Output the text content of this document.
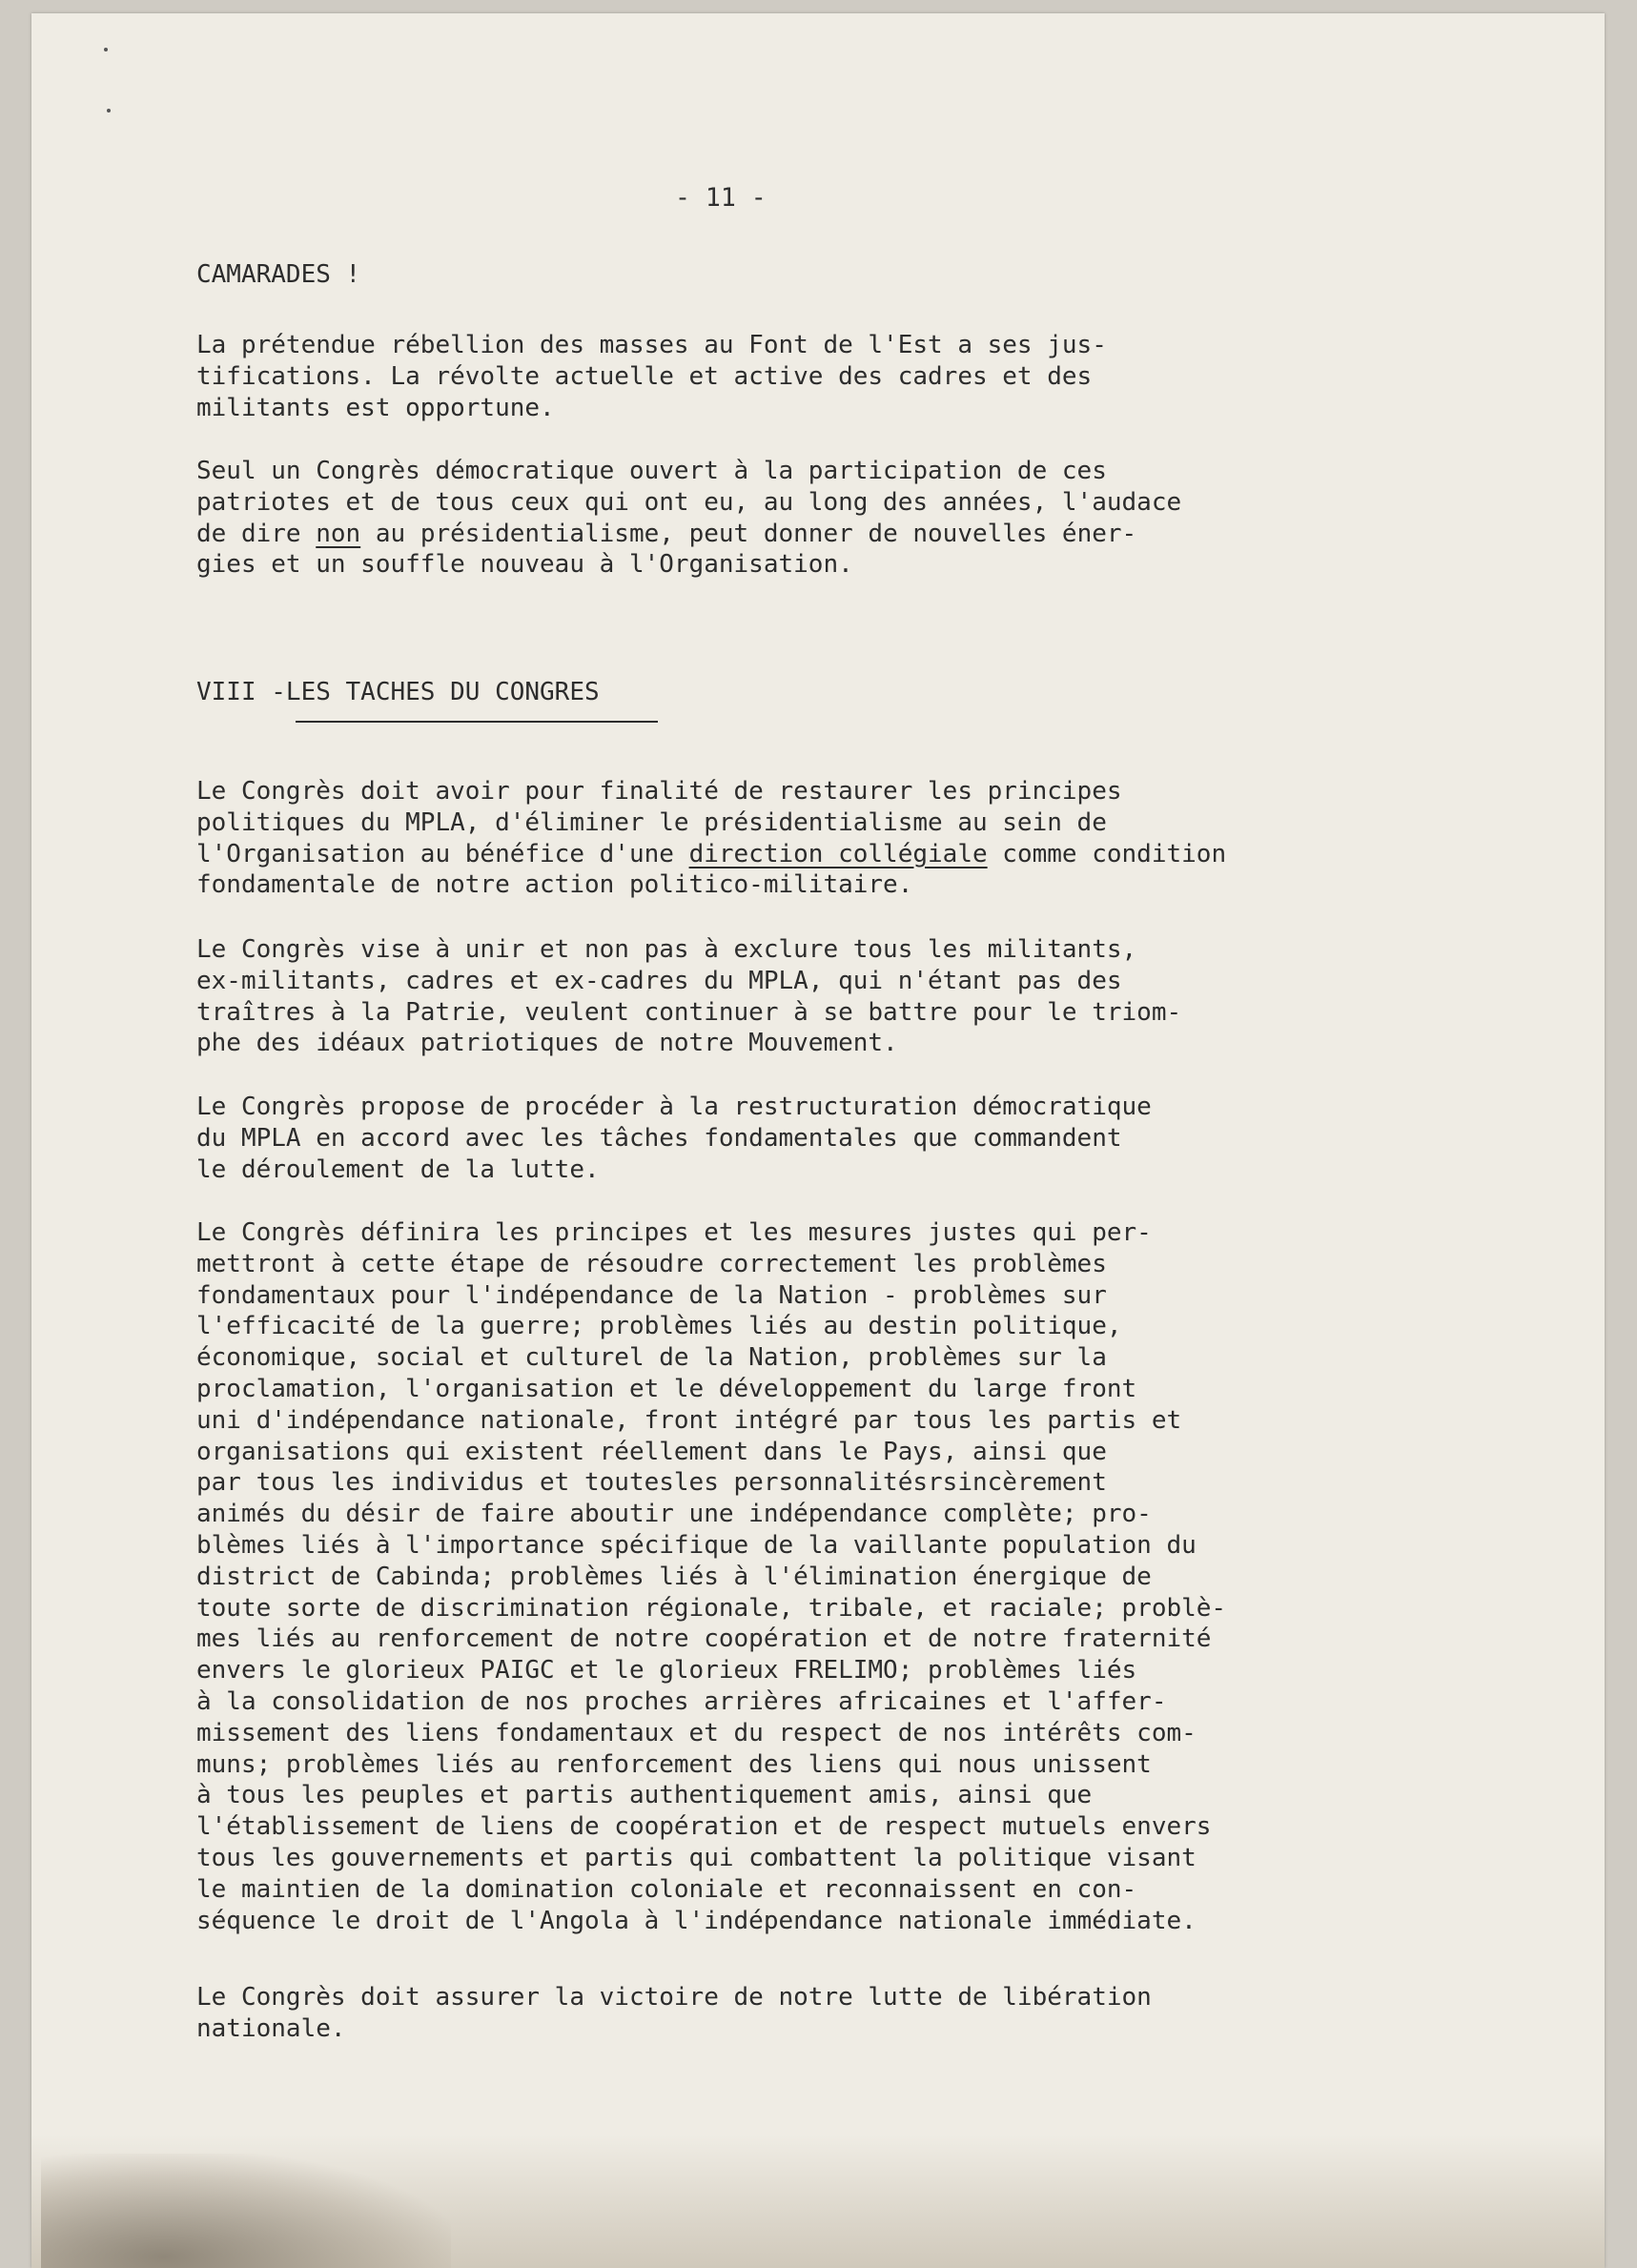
- 11 -
CAMARADES !
La prétendue rébellion des masses au Font de l'Est a ses jus-
tifications. La révolte actuelle et active des cadres et des
militants est opportune.
Seul un Congrès démocratique ouvert à la participation de ces
patriotes et de tous ceux qui ont eu, au long des années, l'audace
de dire non au présidentialisme, peut donner de nouvelles éner-
gies et un souffle nouveau à l'Organisation.
VIII -LES TACHES DU CONGRES
Le Congrès doit avoir pour finalité de restaurer les principes
politiques du MPLA, d'éliminer le présidentialisme au sein de
l'Organisation au bénéfice d'une direction collégiale comme condition
fondamentale de notre action politico-militaire.
Le Congrès vise à unir et non pas à exclure tous les militants,
ex-militants, cadres et ex-cadres du MPLA, qui n'étant pas des
traîtres à la Patrie, veulent continuer à se battre pour le triom-
phe des idéaux patriotiques de notre Mouvement.
Le Congrès propose de procéder à la restructuration démocratique
du MPLA en accord avec les tâches fondamentales que commandent
le déroulement de la lutte.
Le Congrès définira les principes et les mesures justes qui per-
mettront à cette étape de résoudre correctement les problèmes
fondamentaux pour l'indépendance de la Nation - problèmes sur
l'efficacité de la guerre; problèmes liés au destin politique,
économique, social et culturel de la Nation, problèmes sur la
proclamation, l'organisation et le développement du large front
uni d'indépendance nationale, front intégré par tous les partis et
organisations qui existent réellement dans le Pays, ainsi que
par tous les individus et toutesles personnalitésrsincèrement
animés du désir de faire aboutir une indépendance complète; pro-
blèmes liés à l'importance spécifique de la vaillante population du
district de Cabinda; problèmes liés à l'élimination énergique de
toute sorte de discrimination régionale, tribale, et raciale; problè-
mes liés au renforcement de notre coopération et de notre fraternité
envers le glorieux PAIGC et le glorieux FRELIMO; problèmes liés
à la consolidation de nos proches arrières africaines et l'affer-
missement des liens fondamentaux et du respect de nos intérêts com-
muns; problèmes liés au renforcement des liens qui nous unissent
à tous les peuples et partis authentiquement amis, ainsi que
l'établissement de liens de coopération et de respect mutuels envers
tous les gouvernements et partis qui combattent la politique visant
le maintien de la domination coloniale et reconnaissent en con-
séquence le droit de l'Angola à l'indépendance nationale immédiate.
Le Congrès doit assurer la victoire de notre lutte de libération
nationale.
